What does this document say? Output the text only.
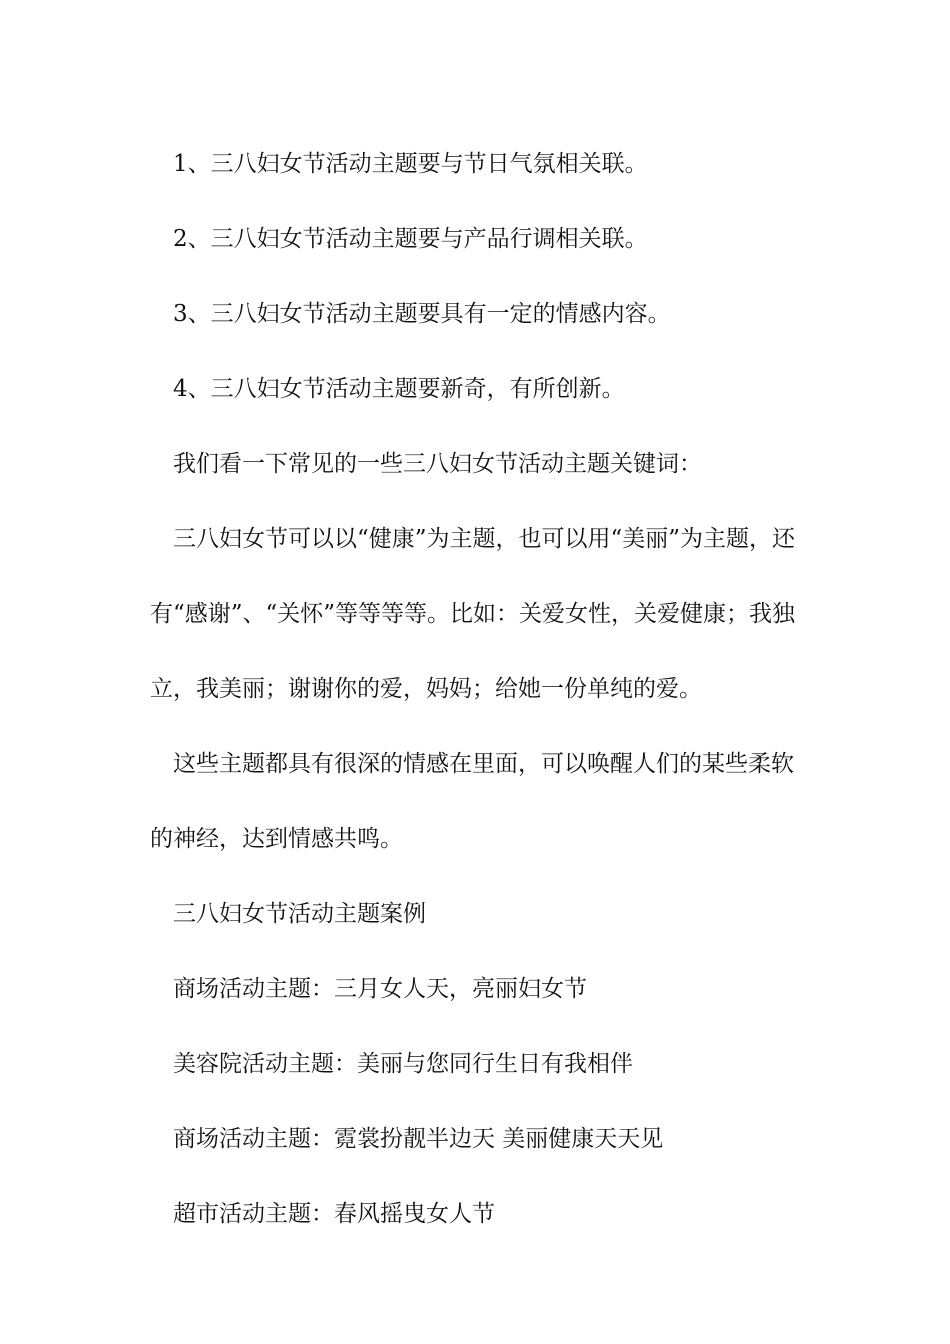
1、三八妇女节活动主题要与节日气氛相关联。

2、三八妇女节活动主题要与产品行调相关联。

3、三八妇女节活动主题要具有一定的情感内容。

4、三八妇女节活动主题要新奇，有所创新。

我们看一下常见的一些三八妇女节活动主题关键词：

三八妇女节可以以“健康”为主题，也可以用“美丽”为主题，还有“感谢”、“关怀”等等等等。比如：关爱女性，关爱健康；我独立，我美丽；谢谢你的爱，妈妈；给她一份单纯的爱。

这些主题都具有很深的情感在里面，可以唤醒人们的某些柔软的神经，达到情感共鸣。

三八妇女节活动主题案例

商场活动主题：三月女人天，亮丽妇女节

美容院活动主题：美丽与您同行生日有我相伴

商场活动主题：霓裳扮靓半边天 美丽健康天天见

超市活动主题：春风摇曳女人节
